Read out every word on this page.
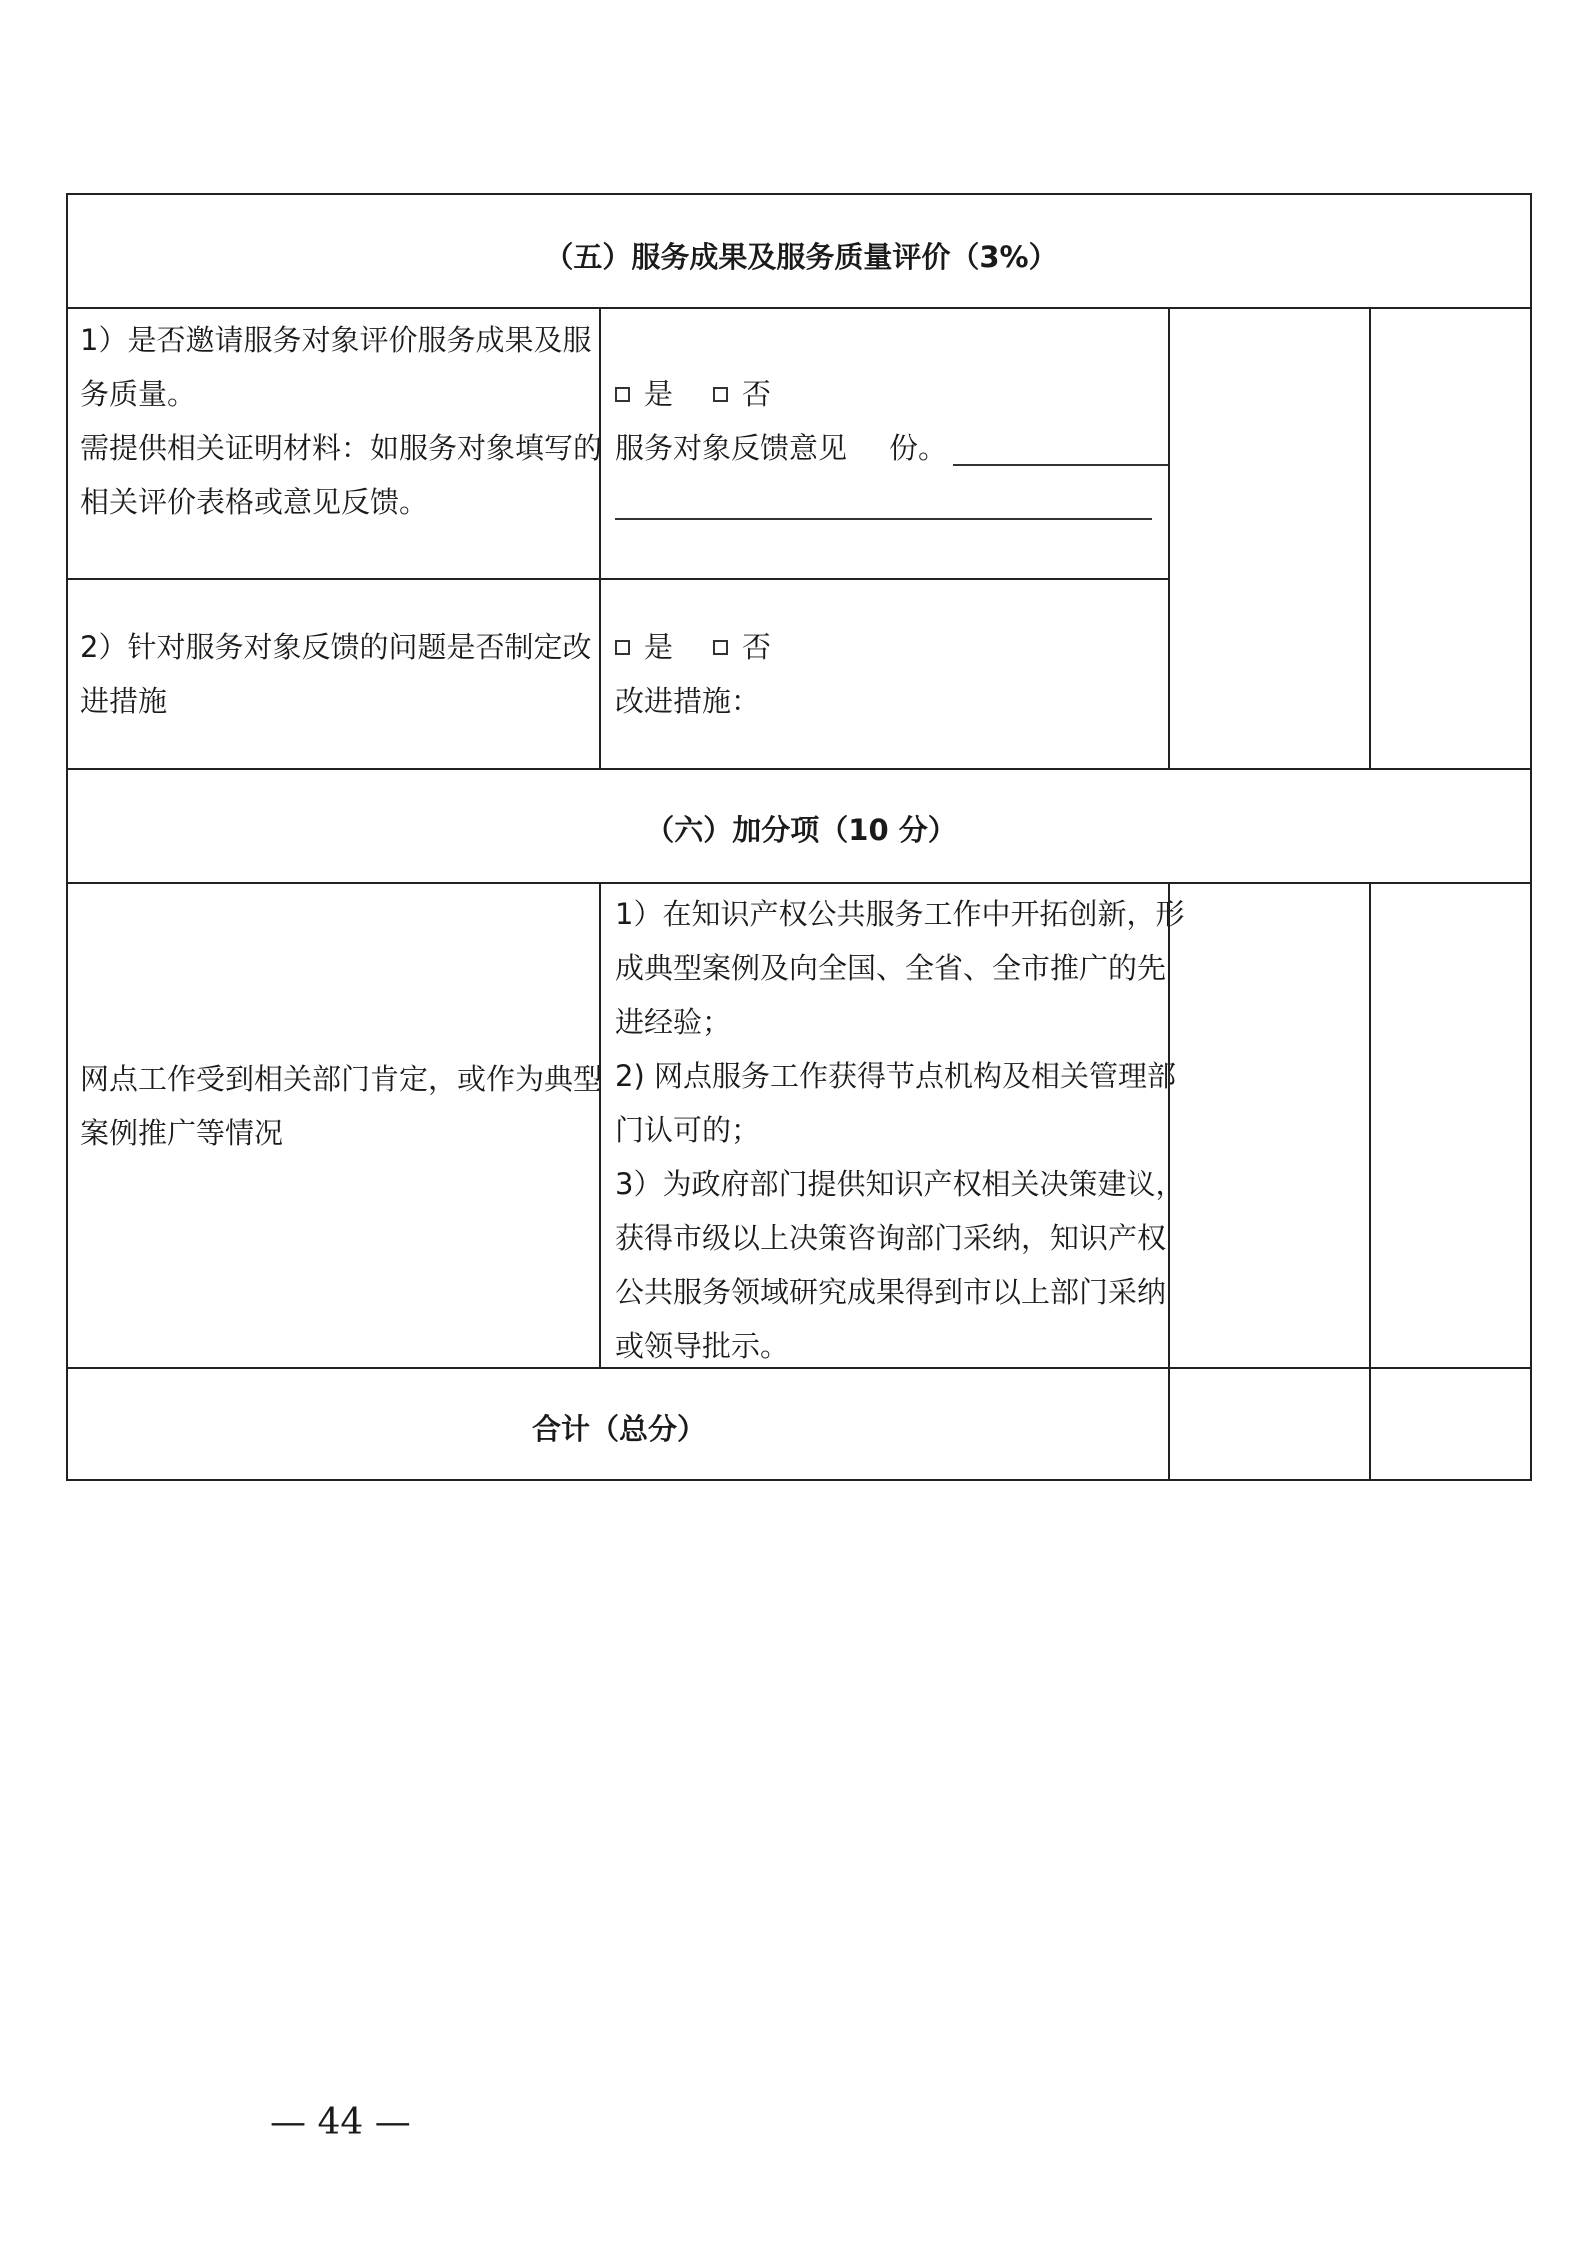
（五）服务成果及服务质量评价（3%）
1）是否邀请服务对象评价服务成果及服
务质量。
需提供相关证明材料：如服务对象填写的
相关评价表格或意见反馈。
是 否
服务对象反馈意见 份。
2）针对服务对象反馈的问题是否制定改
进措施
是 否
改进措施：
（六）加分项（10 分）
网点工作受到相关部门肯定，或作为典型
案例推广等情况
1）在知识产权公共服务工作中开拓创新，形
成典型案例及向全国、全省、全市推广的先
进经验；
2) 网点服务工作获得节点机构及相关管理部
门认可的；
3）为政府部门提供知识产权相关决策建议，
获得市级以上决策咨询部门采纳，知识产权
公共服务领域研究成果得到市以上部门采纳
或领导批示。
合计（总分）
— 44 —
